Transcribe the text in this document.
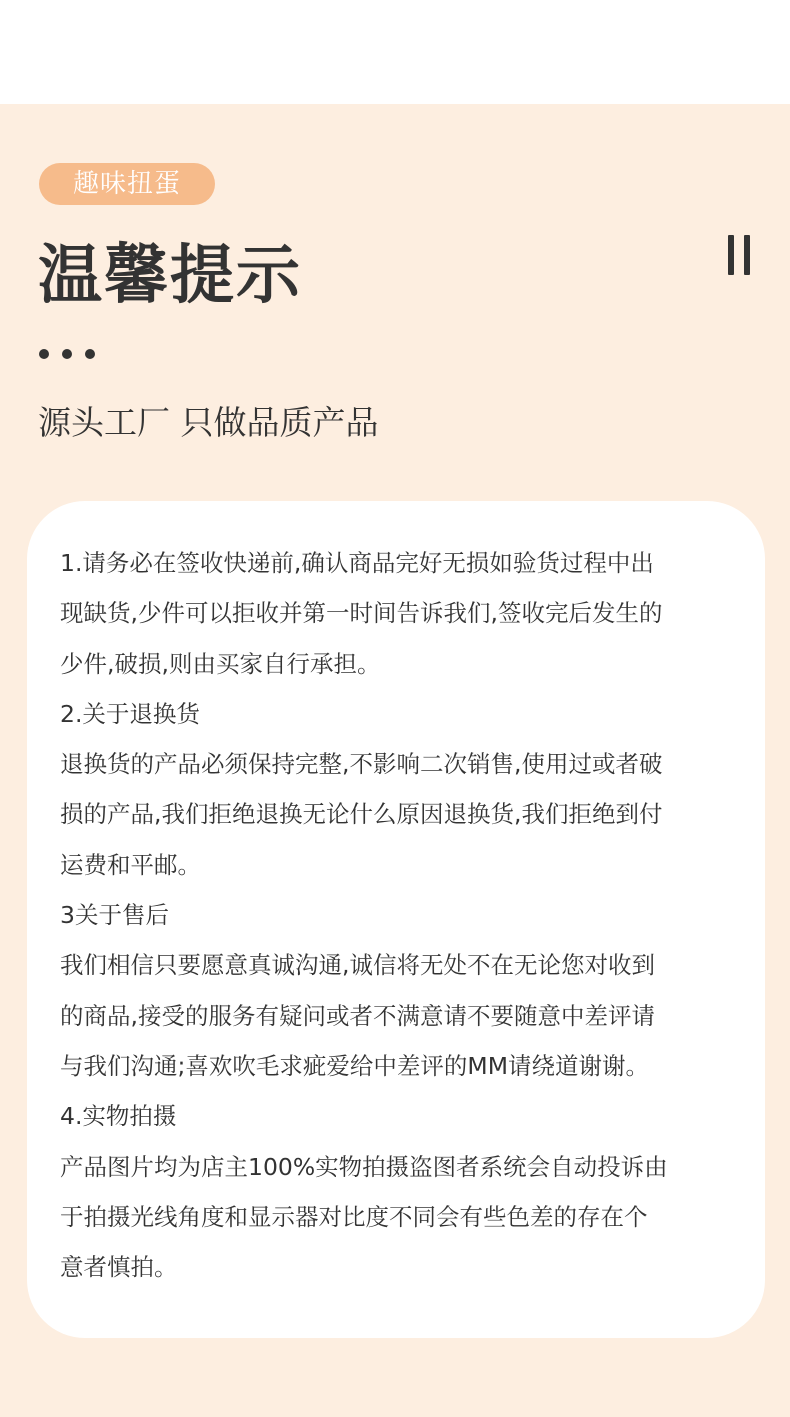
趣味扭蛋
温馨提示
源头工厂 只做品质产品
1.请务必在签收快递前,确认商品完好无损如验货过程中出
现缺货,少件可以拒收并第一时间告诉我们,签收完后发生的
少件,破损,则由买家自行承担。
2.关于退换货
退换货的产品必须保持完整,不影响二次销售,使用过或者破
损的产品,我们拒绝退换无论什么原因退换货,我们拒绝到付
运费和平邮。
3关于售后
我们相信只要愿意真诚沟通,诚信将无处不在无论您对收到
的商品,接受的服务有疑问或者不满意请不要随意中差评请
与我们沟通;喜欢吹毛求疵爱给中差评的MM请绕道谢谢。
4.实物拍摄
产品图片均为店主100%实物拍摄盗图者系统会自动投诉由
于拍摄光线角度和显示器对比度不同会有些色差的存在个
意者慎拍。
